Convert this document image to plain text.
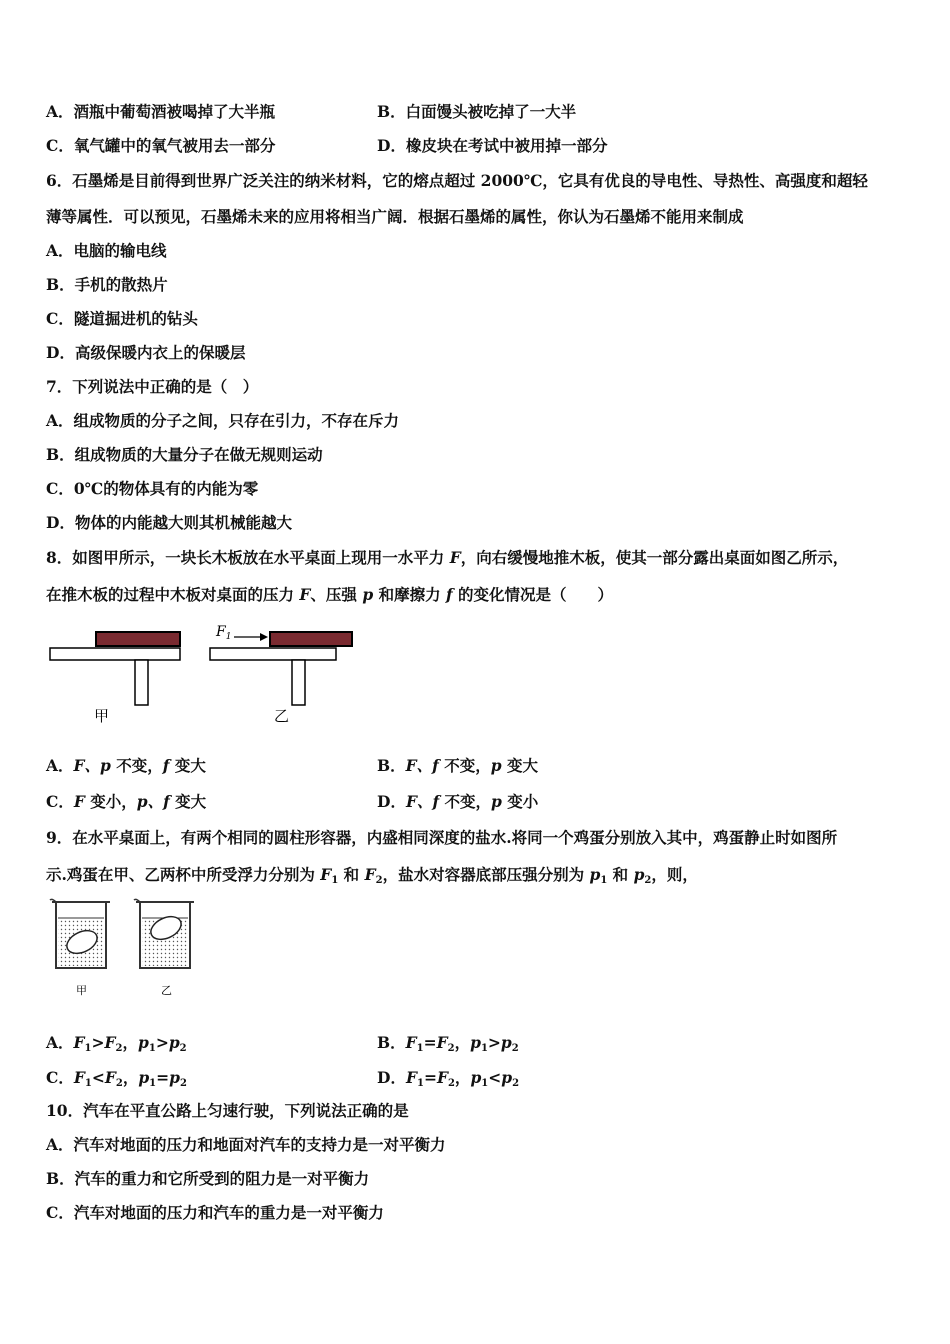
A．酒瓶中葡萄酒被喝掉了大半瓶	B．白面馒头被吃掉了一大半
C．氧气罐中的氧气被用去一部分	D．橡皮块在考试中被用掉一部分
6．石墨烯是目前得到世界广泛关注的纳米材料，它的熔点超过 2000℃，它具有优良的导电性、导热性、高强度和超轻
薄等属性．可以预见，石墨烯未来的应用将相当广阔．根据石墨烯的属性，你认为石墨烯不能用来制成
A．电脑的输电线
B．手机的散热片
C．隧道掘进机的钻头
D．高级保暖内衣上的保暖层
7．下列说法中正确的是（　）
A．组成物质的分子之间，只存在引力，不存在斥力
B．组成物质的大量分子在做无规则运动
C．0℃的物体具有的内能为零
D．物体的内能越大则其机械能越大
8．如图甲所示，一块长木板放在水平桌面上现用一水平力 F，向右缓慢地推木板，使其一部分露出桌面如图乙所示，
在推木板的过程中木板对桌面的压力 F、压强 p 和摩擦力 f 的变化情况是（　　）
甲
$F_1$
乙
A．F、p 不变，f 变大	B．F、f 不变，p 变大
C．F 变小，p、f 变大	D．F、f 不变，p 变小
9．在水平桌面上，有两个相同的圆柱形容器，内盛相同深度的盐水.将同一个鸡蛋分别放入其中，鸡蛋静止时如图所
示.鸡蛋在甲、乙两杯中所受浮力分别为 $F_1$ 和 $F_2$，盐水对容器底部压强分别为 $p_1$ 和 $p_2$，则，
甲	乙
A．$F_1>F_2$，$p_1>p_2$	B．$F_1=F_2$，$p_1>p_2$
C．$F_1<F_2$，$p_1=p_2$	D．$F_1=F_2$，$p_1<p_2$
10．汽车在平直公路上匀速行驶，下列说法正确的是
A．汽车对地面的压力和地面对汽车的支持力是一对平衡力
B．汽车的重力和它所受到的阻力是一对平衡力
C．汽车对地面的压力和汽车的重力是一对平衡力
